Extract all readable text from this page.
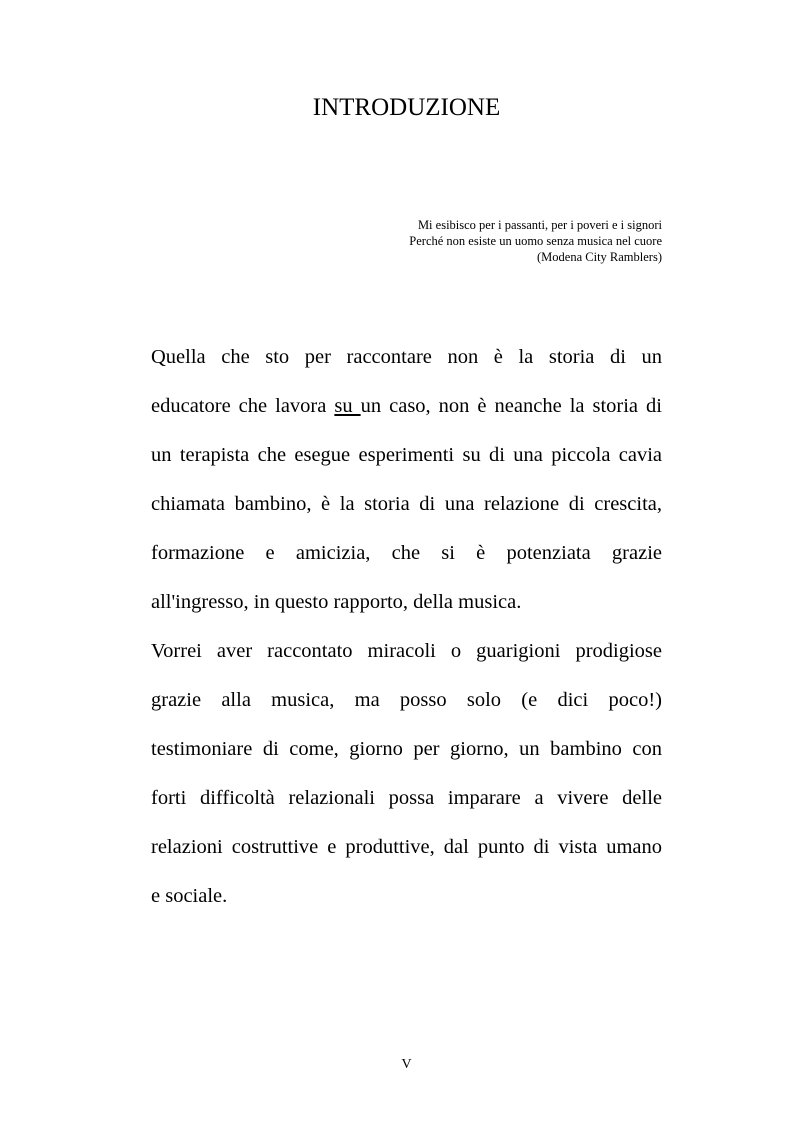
INTRODUZIONE
Mi esibisco per i passanti, per i poveri e i signori
Perché non esiste un uomo senza musica nel cuore
(Modena City Ramblers)

Quella che sto per raccontare non è la storia di un
educatore che lavora su un caso, non è neanche la storia di
un terapista che esegue esperimenti su di una piccola cavia
chiamata bambino, è la storia di una relazione di crescita,
formazione e amicizia, che si è potenziata grazie
all'ingresso, in questo rapporto, della musica.

Vorrei aver raccontato miracoli o guarigioni prodigiose
grazie alla musica, ma posso solo (e dici poco!)
testimoniare di come, giorno per giorno, un bambino con
forti difficoltà relazionali possa imparare a vivere delle
relazioni costruttive e produttive, dal punto di vista umano
e sociale.

V
